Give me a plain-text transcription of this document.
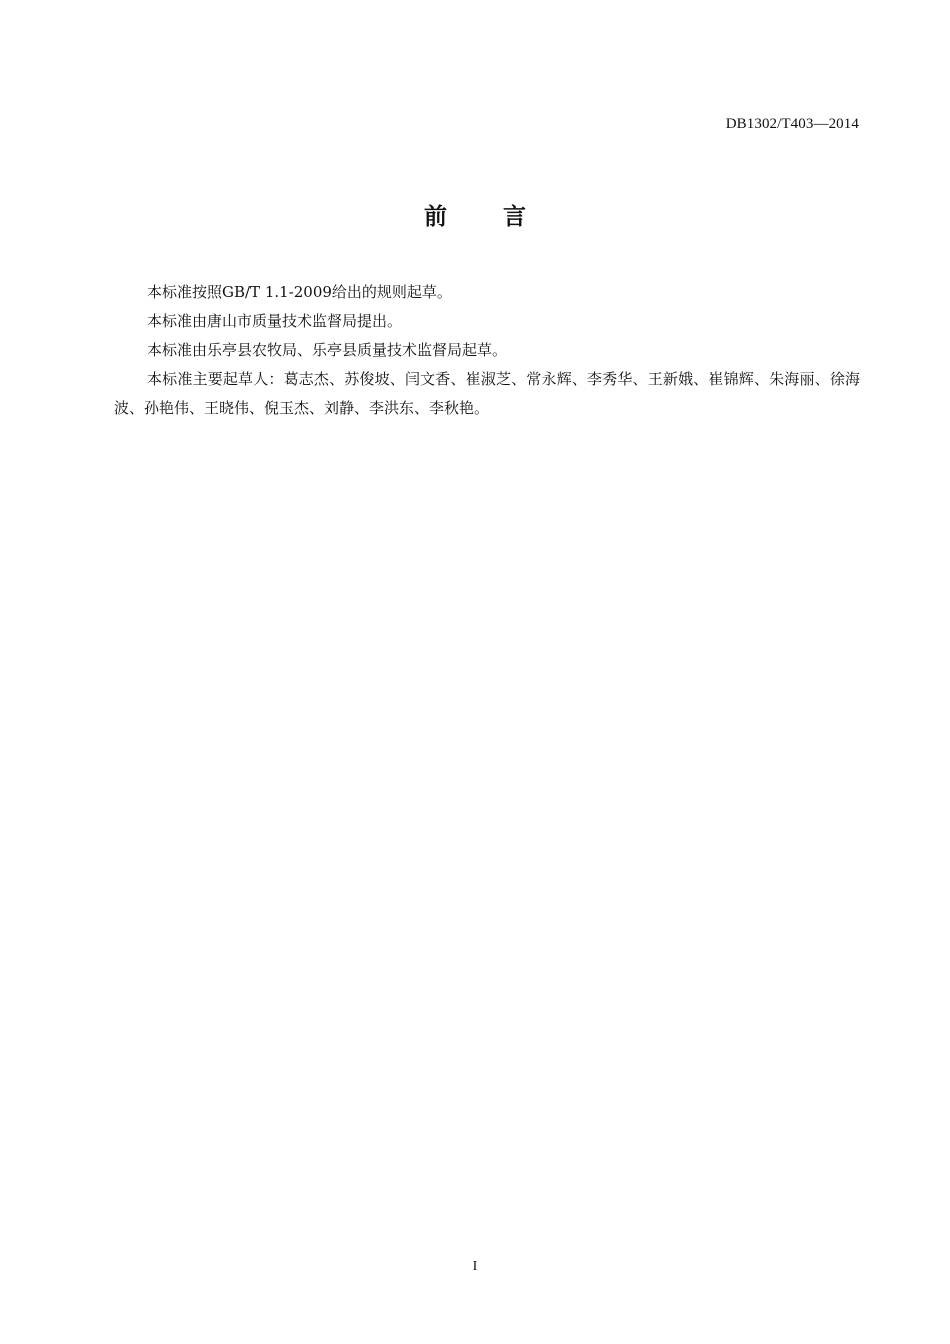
DB1302/T403—2014
前 言

本标准按照GB/T 1.1-2009给出的规则起草。

本标准由唐山市质量技术监督局提出。

本标准由乐亭县农牧局、乐亭县质量技术监督局起草。

本标准主要起草人：葛志杰、苏俊坡、闫文香、崔淑芝、常永辉、李秀华、王新娥、崔锦辉、朱海丽、徐海波、孙艳伟、王晓伟、倪玉杰、刘静、李洪东、李秋艳。

I
